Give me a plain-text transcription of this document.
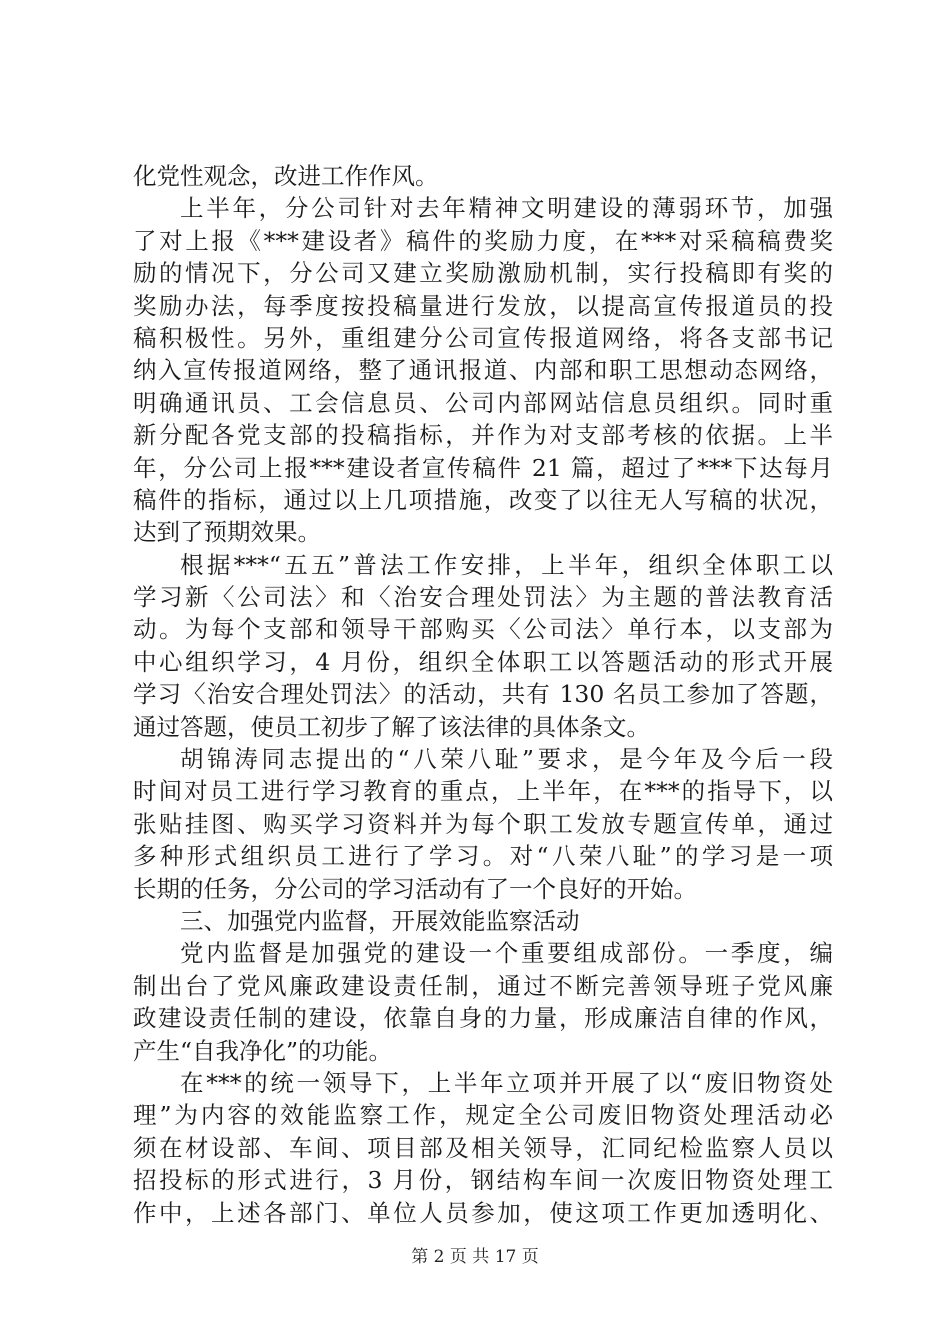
化党性观念，改进工作作风。
上半年，分公司针对去年精神文明建设的薄弱环节，加强
了对上报《***建设者》稿件的奖励力度，在***对采稿稿费奖
励的情况下，分公司又建立奖励激励机制，实行投稿即有奖的
奖励办法，每季度按投稿量进行发放，以提高宣传报道员的投
稿积极性。另外，重组建分公司宣传报道网络，将各支部书记
纳入宣传报道网络，整了通讯报道、内部和职工思想动态网络，
明确通讯员、工会信息员、公司内部网站信息员组织。同时重
新分配各党支部的投稿指标，并作为对支部考核的依据。上半
年，分公司上报***建设者宣传稿件 21 篇，超过了***下达每月
稿件的指标，通过以上几项措施，改变了以往无人写稿的状况，
达到了预期效果。
根据***“五五”普法工作安排，上半年，组织全体职工以
学习新〈公司法〉和〈治安合理处罚法〉为主题的普法教育活
动。为每个支部和领导干部购买〈公司法〉单行本，以支部为
中心组织学习，4 月份，组织全体职工以答题活动的形式开展
学习〈治安合理处罚法〉的活动，共有 130 名员工参加了答题，
通过答题，使员工初步了解了该法律的具体条文。
胡锦涛同志提出的“八荣八耻”要求，是今年及今后一段
时间对员工进行学习教育的重点，上半年，在***的指导下，以
张贴挂图、购买学习资料并为每个职工发放专题宣传单，通过
多种形式组织员工进行了学习。对“八荣八耻”的学习是一项
长期的任务，分公司的学习活动有了一个良好的开始。
三、加强党内监督，开展效能监察活动
党内监督是加强党的建设一个重要组成部份。一季度，编
制出台了党风廉政建设责任制，通过不断完善领导班子党风廉
政建设责任制的建设，依靠自身的力量，形成廉洁自律的作风，
产生“自我净化”的功能。
在***的统一领导下，上半年立项并开展了以“废旧物资处
理”为内容的效能监察工作，规定全公司废旧物资处理活动必
须在材设部、车间、项目部及相关领导，汇同纪检监察人员以
招投标的形式进行，3 月份，钢结构车间一次废旧物资处理工
作中，上述各部门、单位人员参加，使这项工作更加透明化、
第 2 页 共 17 页
